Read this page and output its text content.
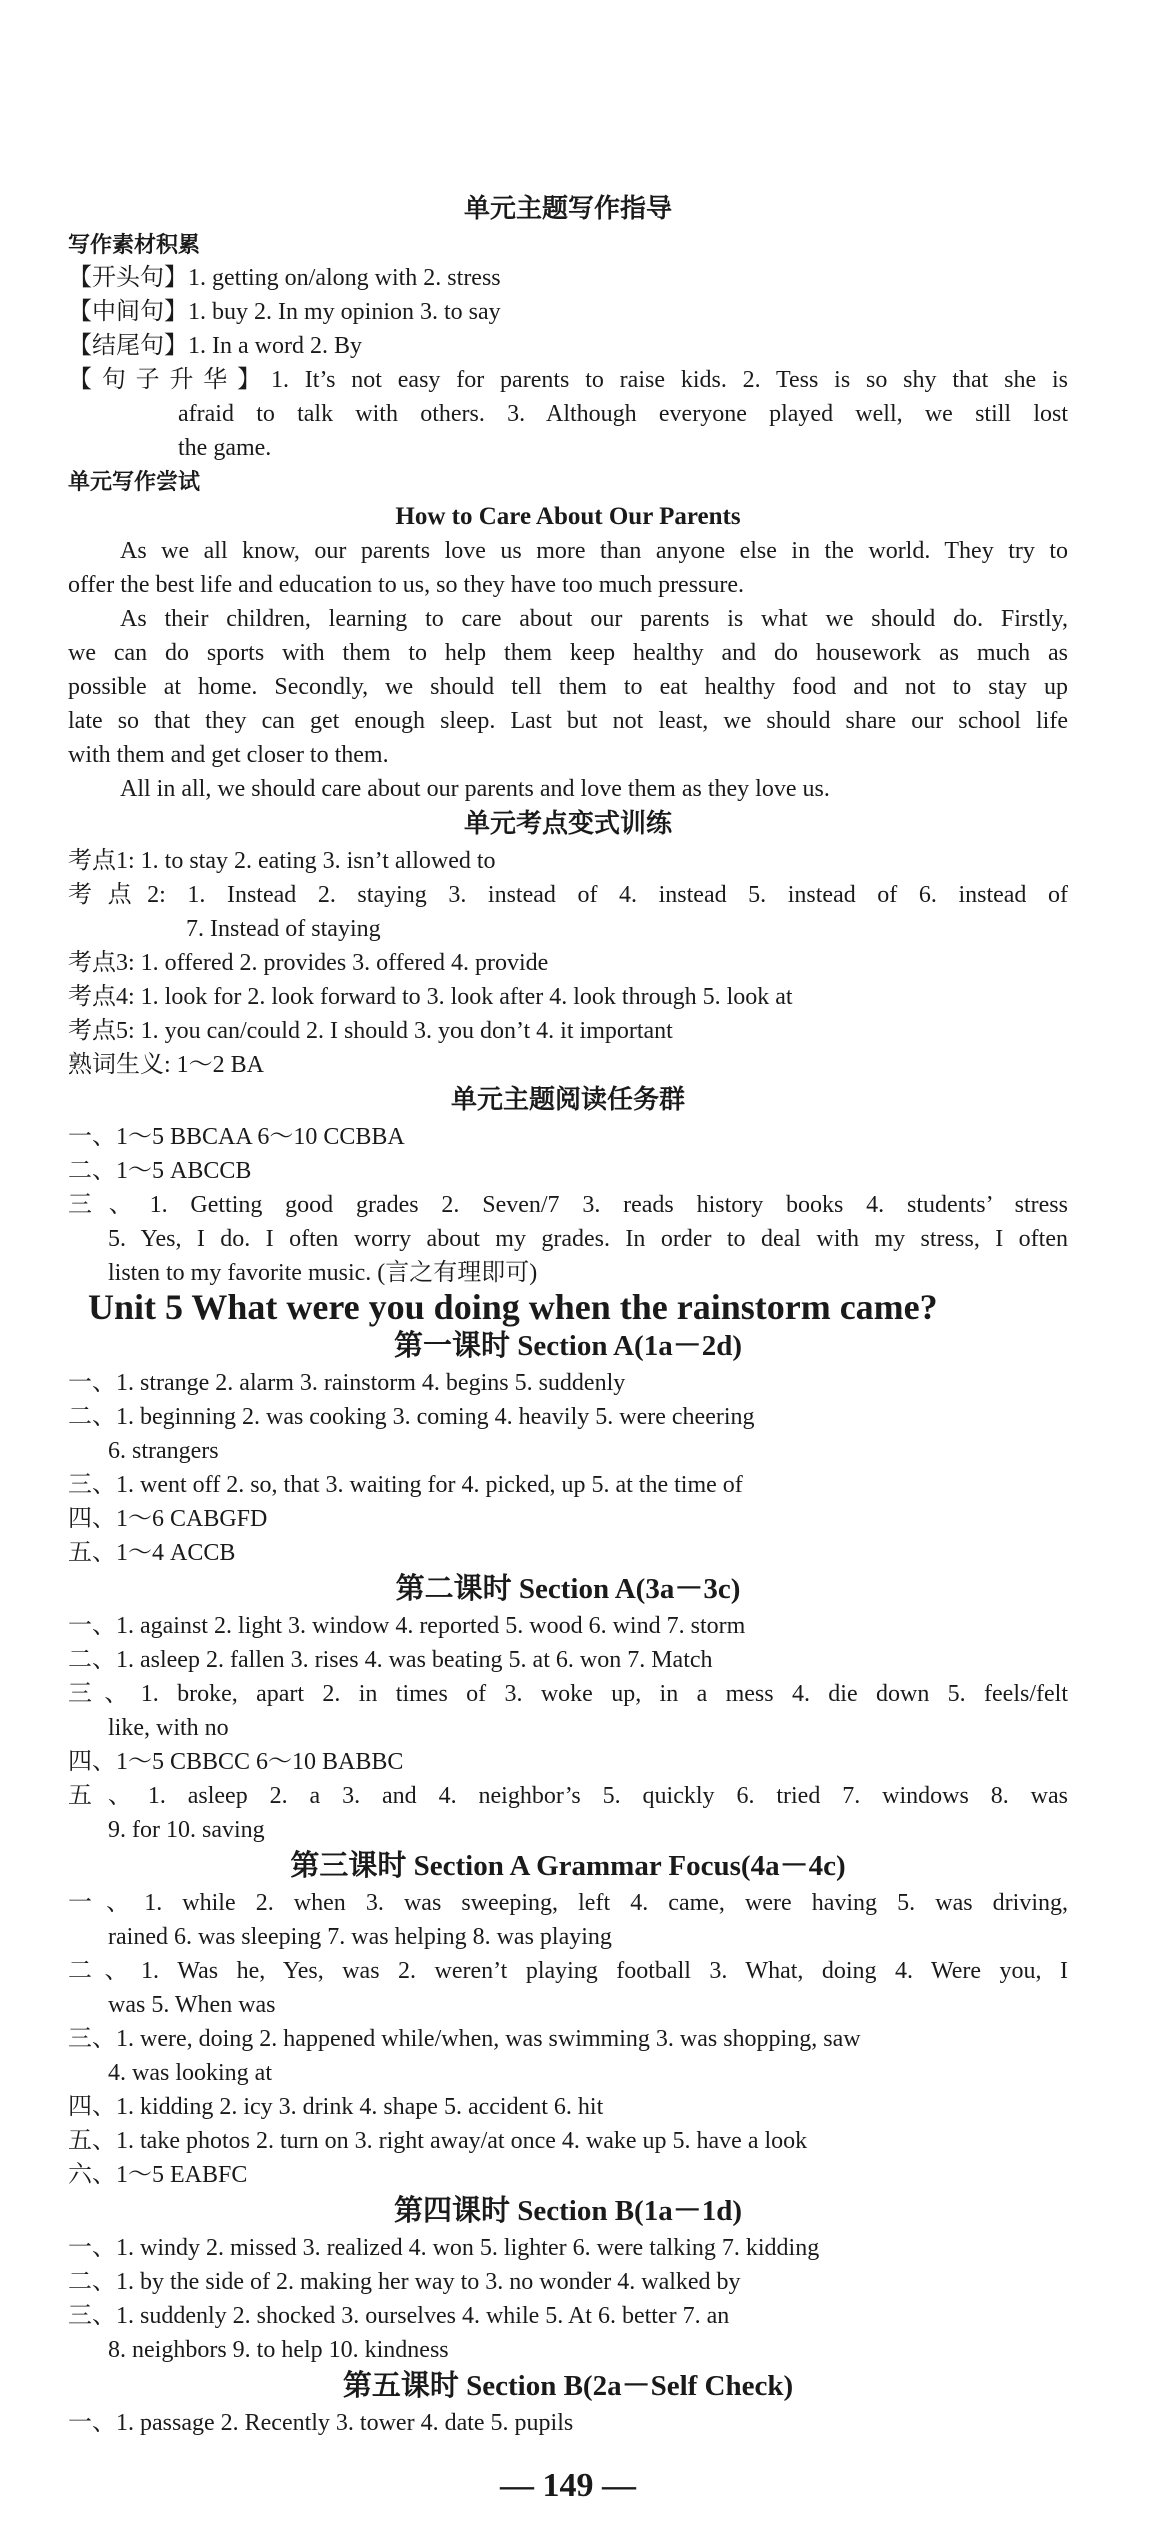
单元主题写作指导
写作素材积累
【开头句】1. getting on/along with 2. stress
【中间句】1. buy 2. In my opinion 3. to say
【结尾句】1. In a word 2. By
【句子升华】1. It’s not easy for parents to raise kids. 2. Tess is so shy that she is
afraid to talk with others. 3. Although everyone played well, we still lost
the game.
单元写作尝试
How to Care About Our Parents
As we all know, our parents love us more than anyone else in the world. They try to
offer the best life and education to us, so they have too much pressure.
As their children, learning to care about our parents is what we should do. Firstly,
we can do sports with them to help them keep healthy and do housework as much as
possible at home. Secondly, we should tell them to eat healthy food and not to stay up
late so that they can get enough sleep. Last but not least, we should share our school life
with them and get closer to them.
All in all, we should care about our parents and love them as they love us.
单元考点变式训练
考点1: 1. to stay 2. eating 3. isn’t allowed to
考点2: 1. Instead 2. staying 3. instead of 4. instead 5. instead of 6. instead of
7. Instead of staying
考点3: 1. offered 2. provides 3. offered 4. provide
考点4: 1. look for 2. look forward to 3. look after 4. look through 5. look at
考点5: 1. you can/could 2. I should 3. you don’t 4. it important
熟词生义: 1～2 BA
单元主题阅读任务群
一、1～5 BBCAA 6～10 CCBBA
二、1～5 ABCCB
三、1. Getting good grades 2. Seven/7 3. reads history books 4. students’ stress
5. Yes, I do. I often worry about my grades. In order to deal with my stress, I often
listen to my favorite music. (言之有理即可)
Unit 5 What were you doing when the rainstorm came?
第一课时 Section A(1a－2d)
一、1. strange 2. alarm 3. rainstorm 4. begins 5. suddenly
二、1. beginning 2. was cooking 3. coming 4. heavily 5. were cheering
6. strangers
三、1. went off 2. so, that 3. waiting for 4. picked, up 5. at the time of
四、1～6 CABGFD
五、1～4 ACCB
第二课时 Section A(3a－3c)
一、1. against 2. light 3. window 4. reported 5. wood 6. wind 7. storm
二、1. asleep 2. fallen 3. rises 4. was beating 5. at 6. won 7. Match
三、1. broke, apart 2. in times of 3. woke up, in a mess 4. die down 5. feels/felt
like, with no
四、1～5 CBBCC 6～10 BABBC
五、1. asleep 2. a 3. and 4. neighbor’s 5. quickly 6. tried 7. windows 8. was
9. for 10. saving
第三课时 Section A Grammar Focus(4a－4c)
一、1. while 2. when 3. was sweeping, left 4. came, were having 5. was driving,
rained 6. was sleeping 7. was helping 8. was playing
二、1. Was he, Yes, was 2. weren’t playing football 3. What, doing 4. Were you, I
was 5. When was
三、1. were, doing 2. happened while/when, was swimming 3. was shopping, saw
4. was looking at
四、1. kidding 2. icy 3. drink 4. shape 5. accident 6. hit
五、1. take photos 2. turn on 3. right away/at once 4. wake up 5. have a look
六、1～5 EABFC
第四课时 Section B(1a－1d)
一、1. windy 2. missed 3. realized 4. won 5. lighter 6. were talking 7. kidding
二、1. by the side of 2. making her way to 3. no wonder 4. walked by
三、1. suddenly 2. shocked 3. ourselves 4. while 5. At 6. better 7. an
8. neighbors 9. to help 10. kindness
第五课时 Section B(2a－Self Check)
一、1. passage 2. Recently 3. tower 4. date 5. pupils
— 149 —
